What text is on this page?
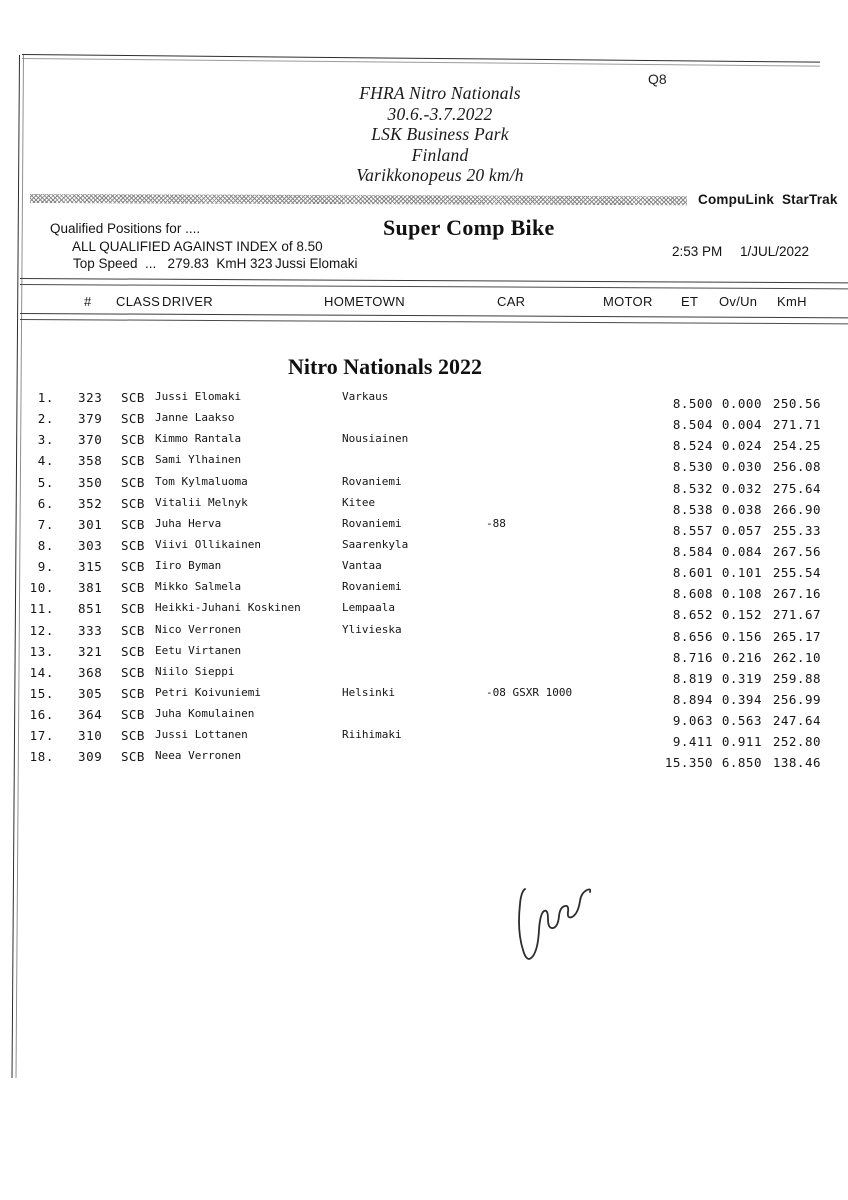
Q8
FHRA Nitro Nationals
30.6.-3.7.2022
LSK Business Park
Finland
Varikkonopeus 20 km/h
CompuLink  StarTrak
Qualified Positions for ....	Super Comp Bike
ALL QUALIFIED AGAINST INDEX of 8.50	2:53 PM 1/JUL/2022
Top Speed  ...   279.83  KmH 323 Jussi Elomaki
# CLASS DRIVER	HOMETOWN	CAR	MOTOR ET Ov/Un KmH
Nitro Nationals 2022
1. 323 SCB Jussi Elomaki	Varkaus	8.500 0.000 250.56
2. 379 SCB Janne Laakso	8.504 0.004 271.71
3. 370 SCB Kimmo Rantala	Nousiainen	8.524 0.024 254.25
4. 358 SCB Sami Ylhainen	8.530 0.030 256.08
5. 350 SCB Tom Kylmaluoma	Rovaniemi	8.532 0.032 275.64
6. 352 SCB Vitalii Melnyk	Kitee	8.538 0.038 266.90
7. 301 SCB Juha Herva	Rovaniemi	-88	8.557 0.057 255.33
8. 303 SCB Viivi Ollikainen	Saarenkyla	8.584 0.084 267.56
9. 315 SCB Iiro Byman	Vantaa	8.601 0.101 255.54
10. 381 SCB Mikko Salmela	Rovaniemi	8.608 0.108 267.16
11. 851 SCB Heikki-Juhani Koskinen	Lempaala	8.652 0.152 271.67
12. 333 SCB Nico Verronen	Ylivieska	8.656 0.156 265.17
13. 321 SCB Eetu Virtanen	8.716 0.216 262.10
14. 368 SCB Niilo Sieppi	8.819 0.319 259.88
15. 305 SCB Petri Koivuniemi	Helsinki	-08 GSXR 1000	8.894 0.394 256.99
16. 364 SCB Juha Komulainen	9.063 0.563 247.64
17. 310 SCB Jussi Lottanen	Riihimaki	9.411 0.911 252.80
18. 309 SCB Neea Verronen	15.350 6.850 138.46
